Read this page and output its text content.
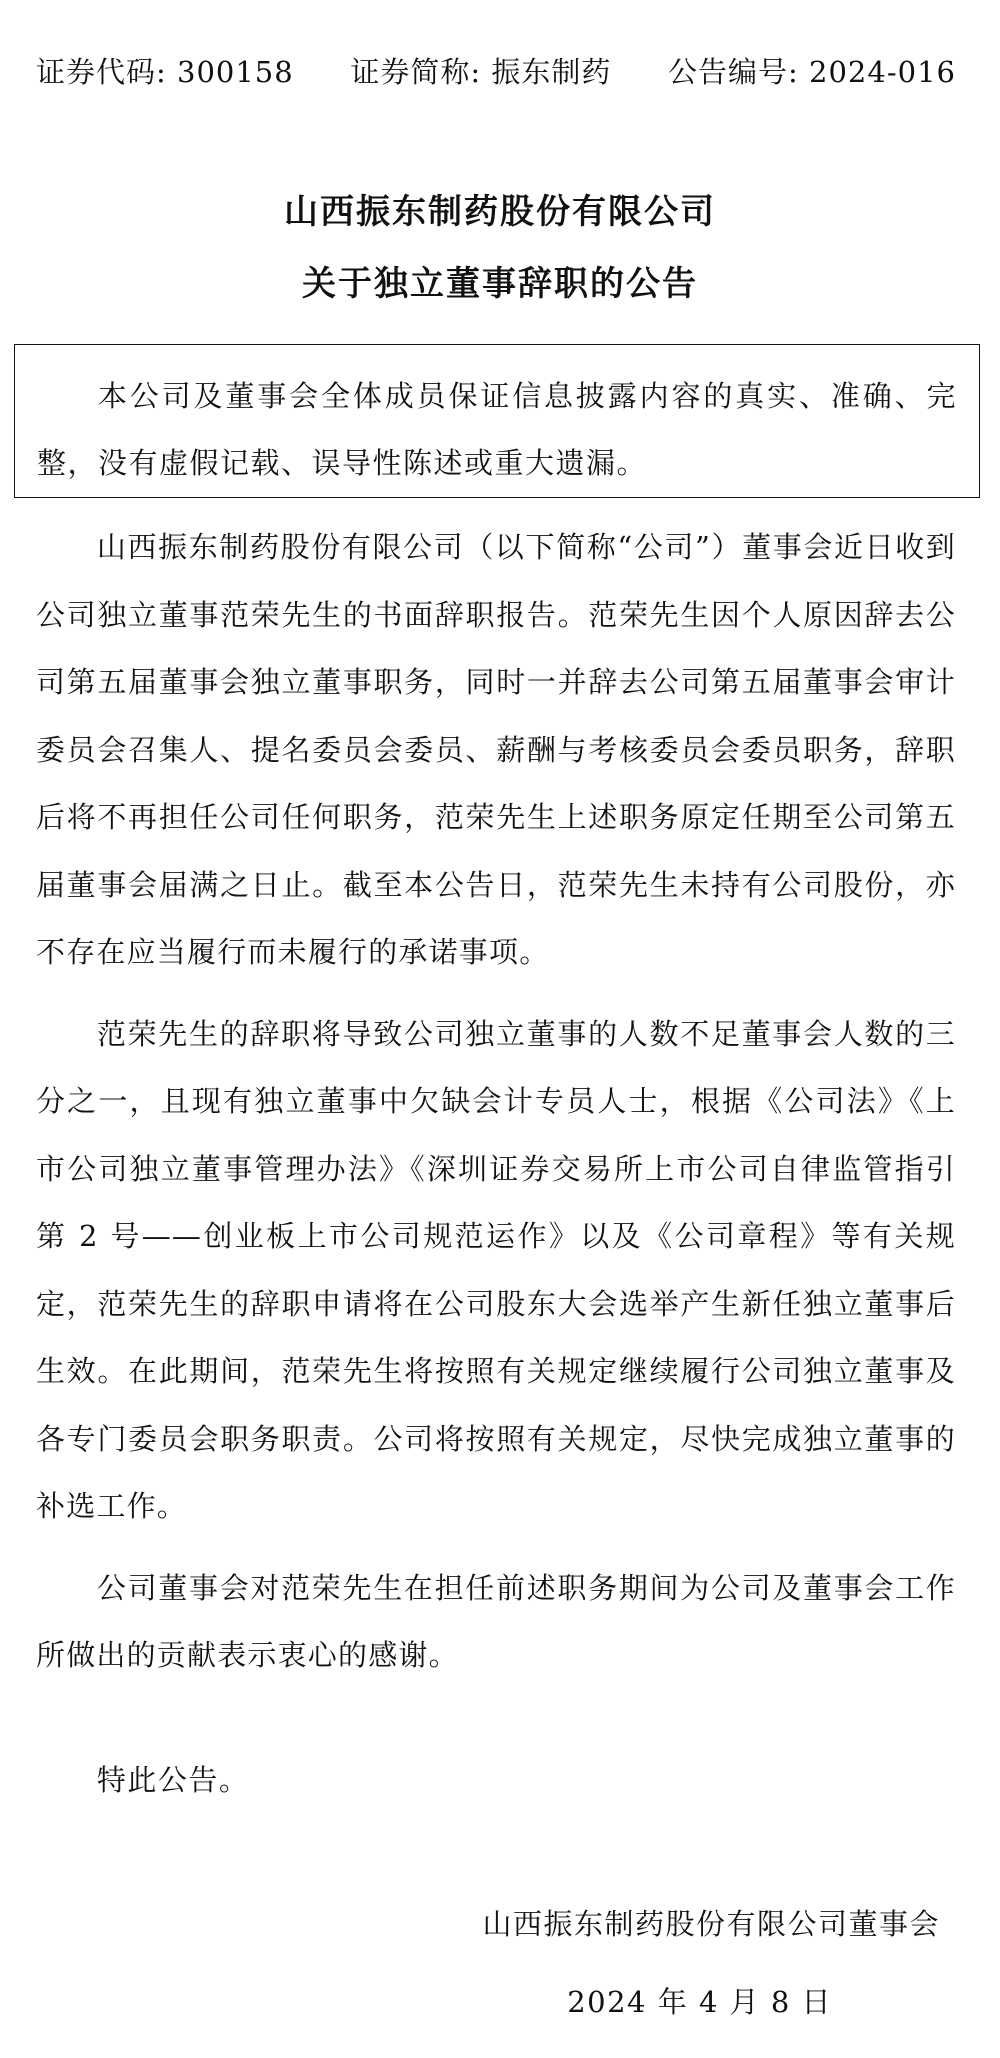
证券代码: 300158 证券简称: 振东制药 公告编号: 2024-016
山西振东制药股份有限公司
关于独立董事辞职的公告
本公司及董事会全体成员保证信息披露内容的真实、准确、完整，没有虚假记载、误导性陈述或重大遗漏。

山西振东制药股份有限公司（以下简称“公司”）董事会近日收到公司独立董事范荣先生的书面辞职报告。范荣先生因个人原因辞去公司第五届董事会独立董事职务，同时一并辞去公司第五届董事会审计委员会召集人、提名委员会委员、薪酬与考核委员会委员职务，辞职后将不再担任公司任何职务，范荣先生上述职务原定任期至公司第五届董事会届满之日止。截至本公告日，范荣先生未持有公司股份，亦不存在应当履行而未履行的承诺事项。

范荣先生的辞职将导致公司独立董事的人数不足董事会人数的三分之一，且现有独立董事中欠缺会计专员人士，根据《公司法》《上市公司独立董事管理办法》《深圳证券交易所上市公司自律监管指引第 2 号——创业板上市公司规范运作》以及《公司章程》等有关规定，范荣先生的辞职申请将在公司股东大会选举产生新任独立董事后生效。在此期间，范荣先生将按照有关规定继续履行公司独立董事及各专门委员会职务职责。公司将按照有关规定，尽快完成独立董事的补选工作。

公司董事会对范荣先生在担任前述职务期间为公司及董事会工作所做出的贡献表示衷心的感谢。

特此公告。
山西振东制药股份有限公司董事会
2024 年 4 月 8 日
